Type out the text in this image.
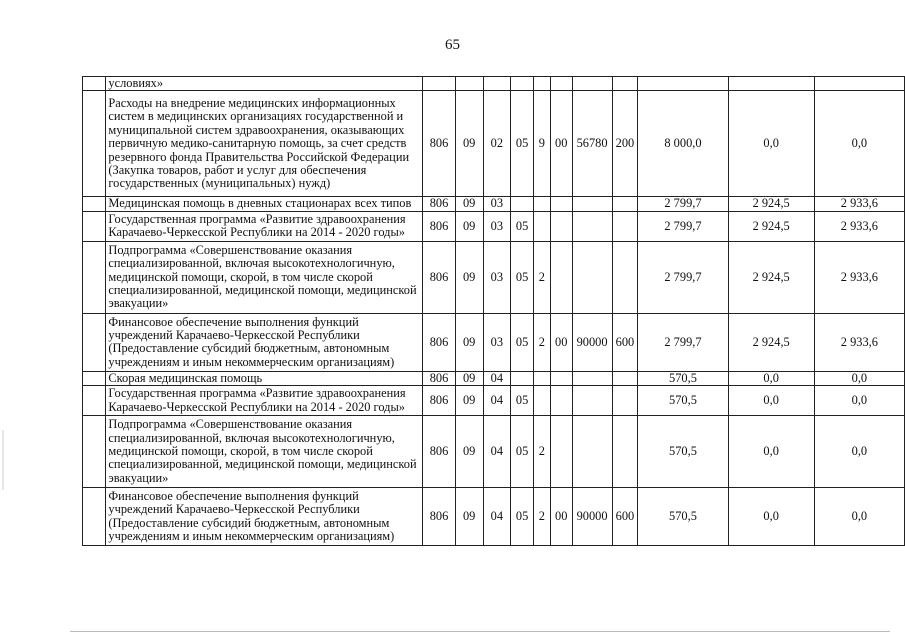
65
	условиях»											
	Расходы на внедрение медицинских информационных систем в медицинских организациях государственной и муниципальной систем здравоохранения, оказывающих первичную медико-санитарную помощь, за счет средств резервного фонда Правительства Российской Федерации (Закупка товаров, работ и услуг для обеспечения государственных (муниципальных) нужд)	806	09	02	05	9	00	56780	200	8 000,0	0,0	0,0
	Медицинская помощь в дневных стационарах всех типов	806	09	03						2 799,7	2 924,5	2 933,6
	Государственная программа «Развитие здравоохранения Карачаево-Черкесской Республики на 2014 - 2020 годы»	806	09	03	05					2 799,7	2 924,5	2 933,6
	Подпрограмма «Совершенствование оказания специализированной, включая высокотехнологичную, медицинской помощи, скорой, в том числе скорой специализированной, медицинской помощи, медицинской эвакуации»	806	09	03	05	2				2 799,7	2 924,5	2 933,6
	Финансовое обеспечение выполнения функций учреждений Карачаево-Черкесской Республики (Предоставление субсидий бюджетным, автономным учреждениям и иным некоммерческим организациям)	806	09	03	05	2	00	90000	600	2 799,7	2 924,5	2 933,6
	Скорая медицинская помощь	806	09	04						570,5	0,0	0,0
	Государственная программа «Развитие здравоохранения Карачаево-Черкесской Республики на 2014 - 2020 годы»	806	09	04	05					570,5	0,0	0,0
	Подпрограмма «Совершенствование оказания специализированной, включая высокотехнологичную, медицинской помощи, скорой, в том числе скорой специализированной, медицинской помощи, медицинской эвакуации»	806	09	04	05	2				570,5	0,0	0,0
	Финансовое обеспечение выполнения функций учреждений Карачаево-Черкесской Республики (Предоставление субсидий бюджетным, автономным учреждениям и иным некоммерческим организациям)	806	09	04	05	2	00	90000	600	570,5	0,0	0,0
